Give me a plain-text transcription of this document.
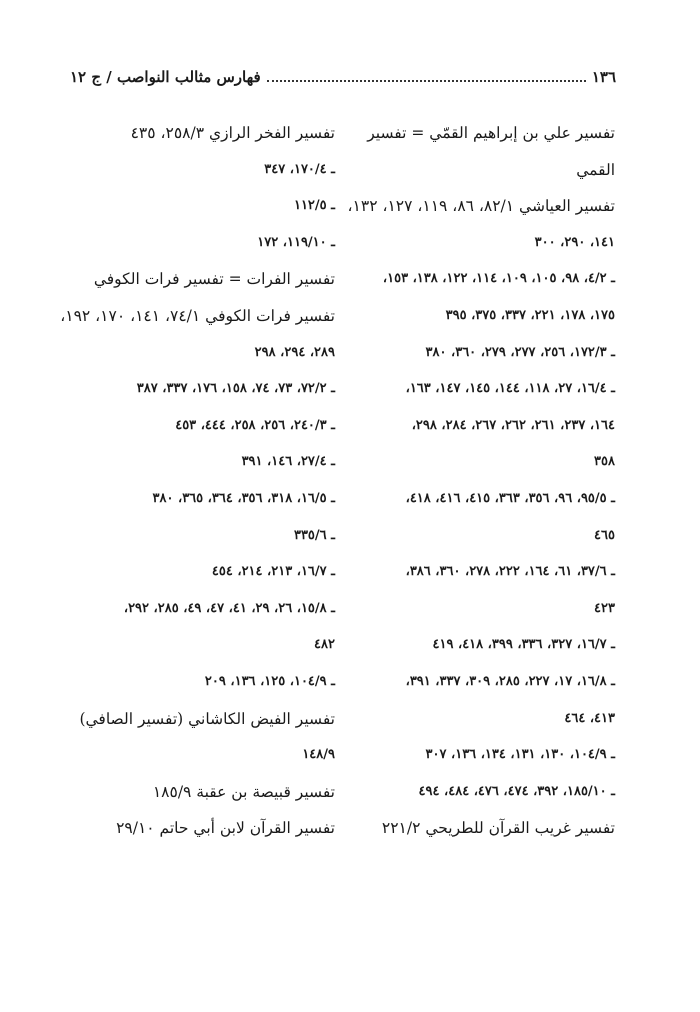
١٣٦
فهارس مثالب النواصب / ج ١٢
تفسير علي بن إبراهيم القمّي = تفسير
القمي
تفسير العياشي ٨٢/١، ٨٦، ١١٩، ١٢٧، ١٣٢،
١٤١، ٢٩٠، ٣٠٠
ـ ٤/٢، ٩٨، ١٠٥، ١٠٩، ١١٤، ١٢٢، ١٣٨، ١٥٣،
١٧٥، ١٧٨، ٢٢١، ٣٣٧، ٣٧٥، ٣٩٥
ـ ١٧٢/٣، ٢٥٦، ٢٧٧، ٢٧٩، ٣٦٠، ٣٨٠
ـ ١٦/٤، ٢٧، ١١٨، ١٤٤، ١٤٥، ١٤٧، ١٦٣،
١٦٤، ٢٣٧، ٢٦١، ٢٦٢، ٢٦٧، ٢٨٤، ٢٩٨،
٣٥٨
ـ ٩٥/٥، ٩٦، ٣٥٦، ٣٦٣، ٤١٥، ٤١٦، ٤١٨،
٤٦٥
ـ ٣٧/٦، ٦١، ١٦٤، ٢٢٢، ٢٧٨، ٣٦٠، ٣٨٦،
٤٢٣
ـ ١٦/٧، ٣٢٧، ٣٣٦، ٣٩٩، ٤١٨، ٤١٩
ـ ١٦/٨، ١٧، ٢٢٧، ٢٨٥، ٣٠٩، ٣٣٧، ٣٩١،
٤١٣، ٤٦٤
ـ ١٠٤/٩، ١٣٠، ١٣١، ١٣٤، ١٣٦، ٣٠٧
ـ ١٨٥/١٠، ٣٩٢، ٤٧٤، ٤٧٦، ٤٨٤، ٤٩٤
تفسير غريب القرآن للطريحي ٢٢١/٢
تفسير الفخر الرازي ٢٥٨/٣، ٤٣٥
ـ ١٧٠/٤، ٣٤٧
ـ ١١٢/٥
ـ ١١٩/١٠، ١٧٢
تفسير الفرات = تفسير فرات الكوفي
تفسير فرات الكوفي ٧٤/١، ١٤١، ١٧٠، ١٩٢،
٢٨٩، ٢٩٤، ٢٩٨
ـ ٧٢/٢، ٧٣، ٧٤، ١٥٨، ١٧٦، ٣٣٧، ٣٨٧
ـ ٢٤٠/٣، ٢٥٦، ٢٥٨، ٤٤٤، ٤٥٣
ـ ٢٧/٤، ١٤٦، ٣٩١
ـ ١٦/٥، ٣١٨، ٣٥٦، ٣٦٤، ٣٦٥، ٣٨٠
ـ ٣٣٥/٦
ـ ١٦/٧، ٢١٣، ٢١٤، ٤٥٤
ـ ١٥/٨، ٢٦، ٢٩، ٤١، ٤٧، ٤٩، ٢٨٥، ٢٩٢،
٤٨٢
ـ ١٠٤/٩، ١٢٥، ١٣٦، ٢٠٩
تفسير الفيض الكاشاني (تفسير الصافي)
١٤٨/٩
تفسير قبيصة بن عقبة ١٨٥/٩
تفسير القرآن لابن أبي حاتم ٢٩/١٠
